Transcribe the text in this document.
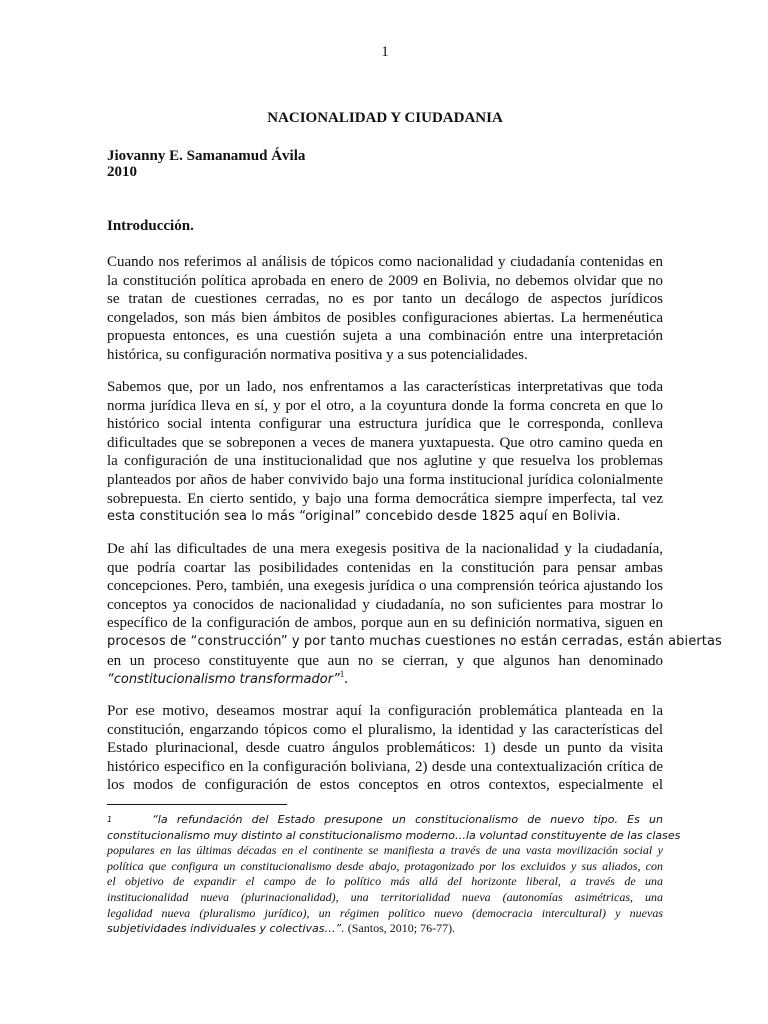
1
NACIONALIDAD Y CIUDADANIA
Jiovanny E. Samanamud Ávila
2010
Introducción.
Cuando nos referimos al análisis de tópicos como nacionalidad y ciudadanía contenidas en
la constitución política aprobada en enero de 2009 en Bolivia, no debemos olvidar que no
se tratan de cuestiones cerradas, no es por tanto un decálogo de aspectos jurídicos
congelados, son más bien ámbitos de posibles configuraciones abiertas. La hermenéutica
propuesta entonces, es una cuestión sujeta a una combinación entre una interpretación
histórica, su configuración normativa positiva y a sus potencialidades.
Sabemos que, por un lado, nos enfrentamos a las características interpretativas que toda
norma jurídica lleva en sí, y por el otro, a la coyuntura donde la forma concreta en que lo
histórico social intenta configurar una estructura jurídica que le corresponda, conlleva
dificultades que se sobreponen a veces de manera yuxtapuesta. Que otro camino queda en
la configuración de una institucionalidad que nos aglutine y que resuelva los problemas
planteados por años de haber convivido bajo una forma institucional jurídica colonialmente
sobrepuesta. En cierto sentido, y bajo una forma democrática siempre imperfecta, tal vez
esta constitución sea lo más “original” concebido desde 1825 aquí en Bolivia.
De ahí las dificultades de una mera exegesis positiva de la nacionalidad y la ciudadanía,
que podría coartar las posibilidades contenidas en la constitución para pensar ambas
concepciones. Pero, también, una exegesis jurídica o una comprensión teórica ajustando los
conceptos ya conocidos de nacionalidad y ciudadanía, no son suficientes para mostrar lo
específico de la configuración de ambos, porque aun en su definición normativa, siguen en
procesos de “construcción” y por tanto muchas cuestiones no están cerradas, están abiertas
en un proceso constituyente que aun no se cierran, y que algunos han denominado
“constitucionalismo transformador”$^1$.
Por ese motivo, deseamos mostrar aquí la configuración problemática planteada en la
constitución, engarzando tópicos como el pluralismo, la identidad y las características del
Estado plurinacional, desde cuatro ángulos problemáticos: 1) desde un punto da visita
histórico especifico en la configuración boliviana, 2) desde una contextualización crítica de
los modos de configuración de estos conceptos en otros contextos, especialmente el
$^1$	“la refundación del Estado presupone un constitucionalismo de nuevo tipo. Es un
constitucionalismo muy distinto al constitucionalismo moderno…la voluntad constituyente de las clases
populares en las últimas décadas en el continente se manifiesta a través de una vasta movilización social y
política que configura un constitucionalismo desde abajo, protagonizado por los excluidos y sus aliados, con
el objetivo de expandir el campo de lo político más allá del horizonte liberal, a través de una
institucionalidad nueva (plurinacionalidad), una territorialidad nueva (autonomías asimétricas, una
legalidad nueva (pluralismo jurídico), un régimen político nuevo (democracia intercultural) y nuevas
subjetividades individuales y colectivas…”. (Santos, 2010; 76-77).
